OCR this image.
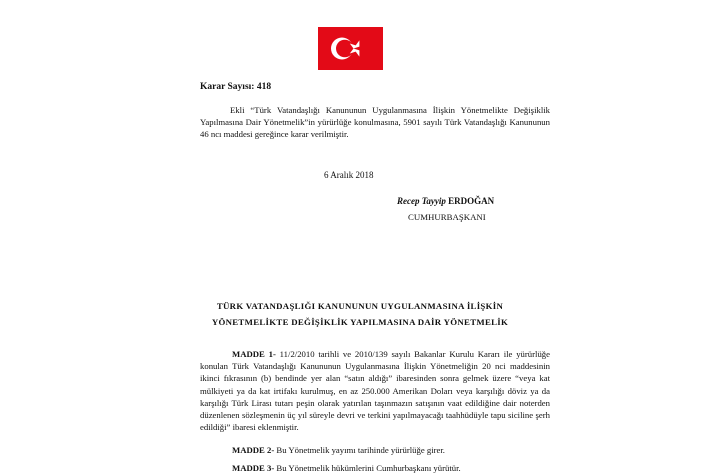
Karar Sayısı: 418
Ekli “Türk Vatandaşlığı Kanununun Uygulanmasına İlişkin Yönetmelikte Değişiklik Yapılmasına Dair Yönetmelik”in yürürlüğe konulmasına, 5901 sayılı Türk Vatandaşlığı Kanununun 46 ncı maddesi gereğince karar verilmiştir.
6 Aralık 2018
Recep Tayyip ERDOĞAN
CUMHURBAŞKANI
TÜRK VATANDAŞLIĞI KANUNUNUN UYGULANMASINA İLİŞKİN
YÖNETMELİKTE DEĞİŞİKLİK YAPILMASINA DAİR YÖNETMELİK
MADDE 1- 11/2/2010 tarihli ve 2010/139 sayılı Bakanlar Kurulu Kararı ile yürürlüğe konulan Türk Vatandaşlığı Kanununun Uygulanmasına İlişkin Yönetmeliğin 20 nci maddesinin ikinci fıkrasının (b) bendinde yer alan “satın aldığı” ibaresinden sonra gelmek üzere “veya kat mülkiyeti ya da kat irtifakı kurulmuş, en az 250.000 Amerikan Doları veya karşılığı döviz ya da karşılığı Türk Lirası tutarı peşin olarak yatırılan taşınmazın satışının vaat edildiğine dair noterden düzenlenen sözleşmenin üç yıl süreyle devri ve terkini yapılmayacağı taahhüdüyle tapu siciline şerh edildiği” ibaresi eklenmiştir.
MADDE 2- Bu Yönetmelik yayımı tarihinde yürürlüğe girer.
MADDE 3- Bu Yönetmelik hükümlerini Cumhurbaşkanı yürütür.
